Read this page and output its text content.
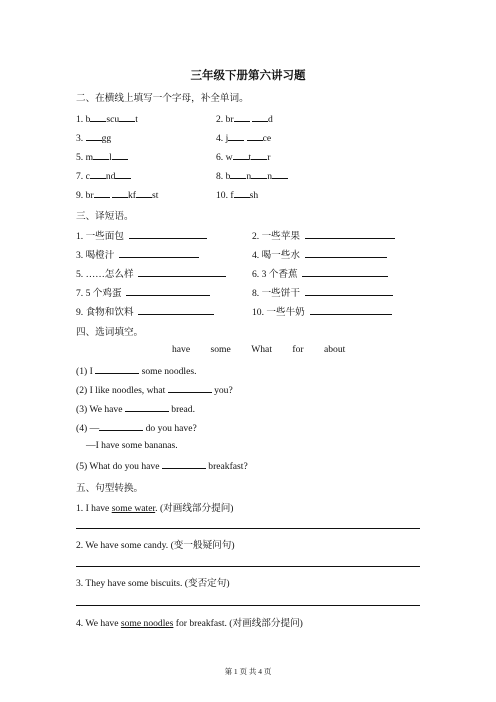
三年级下册第六讲习题
二、在横线上填写一个字母，补全单词。
1. b scu t	2. br	d
3. gg	4. j	ce
5. m l	6. w t r
7. c nd	8. b n n
9. br	kf st	10. f sh
三、译短语。
1. 一些面包	2. 一些苹果
3. 喝橙汁	4. 喝一些水
5. ……怎么样	6. 3 个香蕉
7. 5 个鸡蛋	8. 一些饼干
9. 食物和饮料	10. 一些牛奶
四、选词填空。
have some What for about
(1) I	some noodles.
(2) I like noodles, what	you?
(3) We have	bread.
(4) —	do you have?
—I have some bananas.
(5) What do you have	breakfast?
五、句型转换。
1. I have some water. (对画线部分提问)
2. We have some candy. (变一般疑问句)
3. They have some biscuits. (变否定句)
4. We have some noodles for breakfast. (对画线部分提问)
第 1 页 共 4 页
